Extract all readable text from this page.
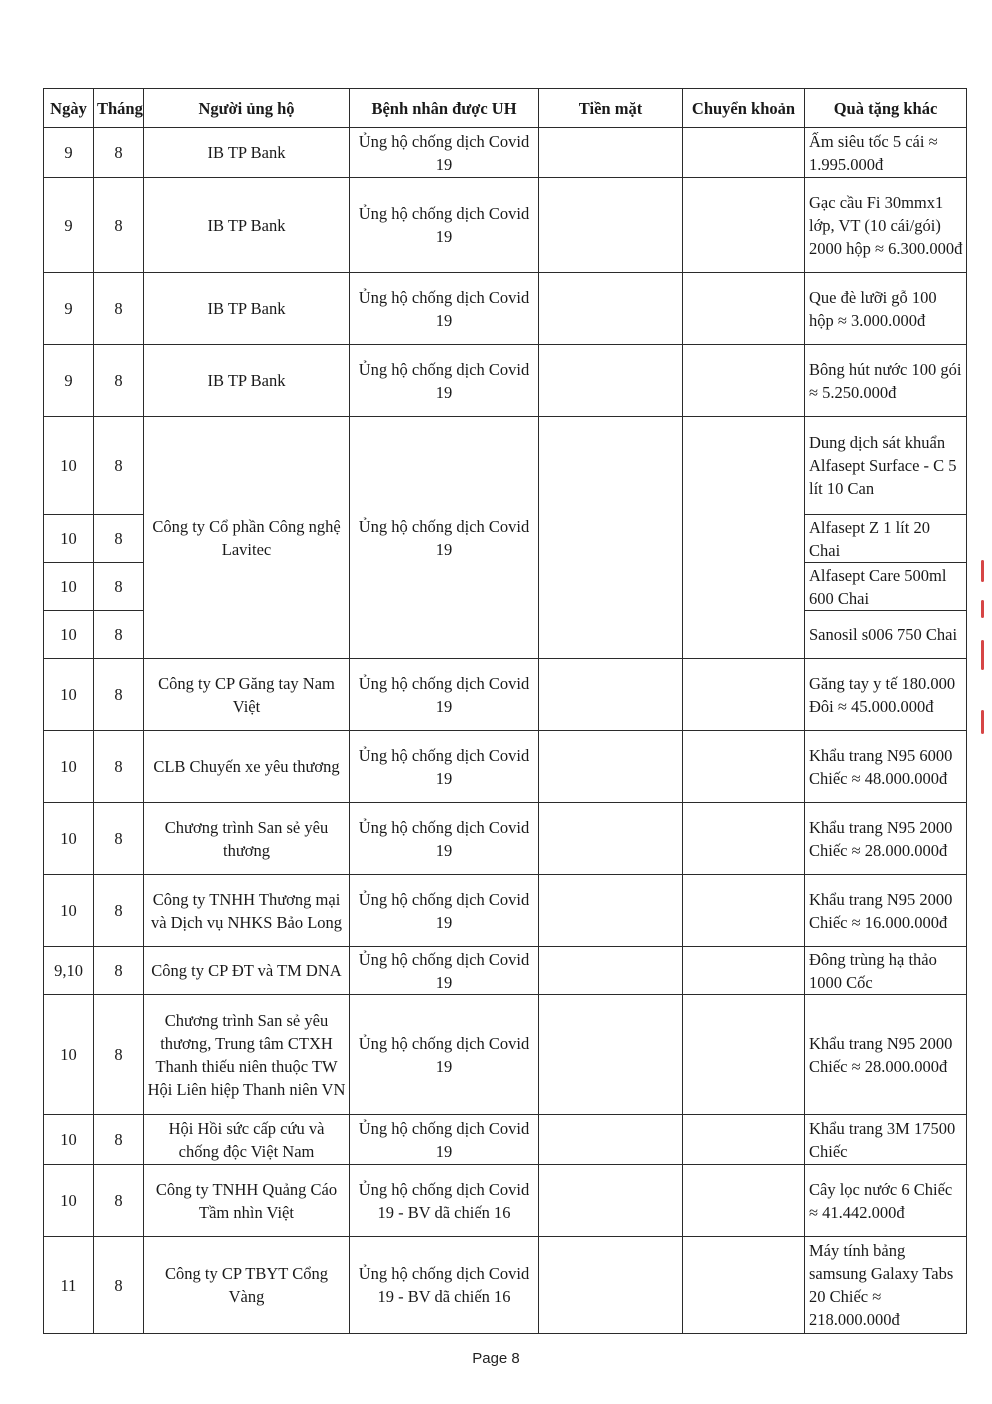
Ngày	Tháng	Người ủng hộ	Bệnh nhân được UH	Tiền mặt	Chuyển khoản	Quà tặng khác
9	8	IB TP Bank	Ủng hộ chống dịch Covid 19			Ấm siêu tốc 5 cái ≈ 1.995.000đ
9	8	IB TP Bank	Ủng hộ chống dịch Covid 19			Gạc cầu Fi 30mmx1 lớp, VT (10 cái/gói) 2000 hộp ≈ 6.300.000đ
9	8	IB TP Bank	Ủng hộ chống dịch Covid 19			Que đè lưỡi gỗ 100 hộp ≈ 3.000.000đ
9	8	IB TP Bank	Ủng hộ chống dịch Covid 19			Bông hút nước 100 gói ≈ 5.250.000đ
10	8	Công ty Cổ phần Công nghệ Lavitec	Ủng hộ chống dịch Covid 19			Dung dịch sát khuẩn Alfasept Surface - C 5 lít 10 Can
10	8					Alfasept Z 1 lít 20 Chai
10	8					Alfasept Care 500ml 600 Chai
10	8					Sanosil s006 750 Chai
10	8	Công ty CP Găng tay Nam Việt	Ủng hộ chống dịch Covid 19			Găng tay y tế 180.000 Đôi ≈ 45.000.000đ
10	8	CLB Chuyến xe yêu thương	Ủng hộ chống dịch Covid 19			Khẩu trang N95 6000 Chiếc ≈ 48.000.000đ
10	8	Chương trình San sẻ yêu thương	Ủng hộ chống dịch Covid 19			Khẩu trang N95 2000 Chiếc ≈ 28.000.000đ
10	8	Công ty TNHH Thương mại và Dịch vụ NHKS Bảo Long	Ủng hộ chống dịch Covid 19			Khẩu trang N95 2000 Chiếc ≈ 16.000.000đ
9,10	8	Công ty CP ĐT và TM DNA	Ủng hộ chống dịch Covid 19			Đông trùng hạ thảo 1000 Cốc
10	8	Chương trình San sẻ yêu thương, Trung tâm CTXH Thanh thiếu niên thuộc TW Hội Liên hiệp Thanh niên VN	Ủng hộ chống dịch Covid 19			Khẩu trang N95 2000 Chiếc ≈ 28.000.000đ
10	8	Hội Hồi sức cấp cứu và chống độc Việt Nam	Ủng hộ chống dịch Covid 19			Khẩu trang 3M 17500 Chiếc
10	8	Công ty TNHH Quảng Cáo Tầm nhìn Việt	Ủng hộ chống dịch Covid 19 - BV dã chiến 16			Cây lọc nước 6 Chiếc ≈ 41.442.000đ
11	8	Công ty CP TBYT Cổng Vàng	Ủng hộ chống dịch Covid 19 - BV dã chiến 16			Máy tính bảng samsung Galaxy Tabs 20 Chiếc ≈ 218.000.000đ
Page 8
